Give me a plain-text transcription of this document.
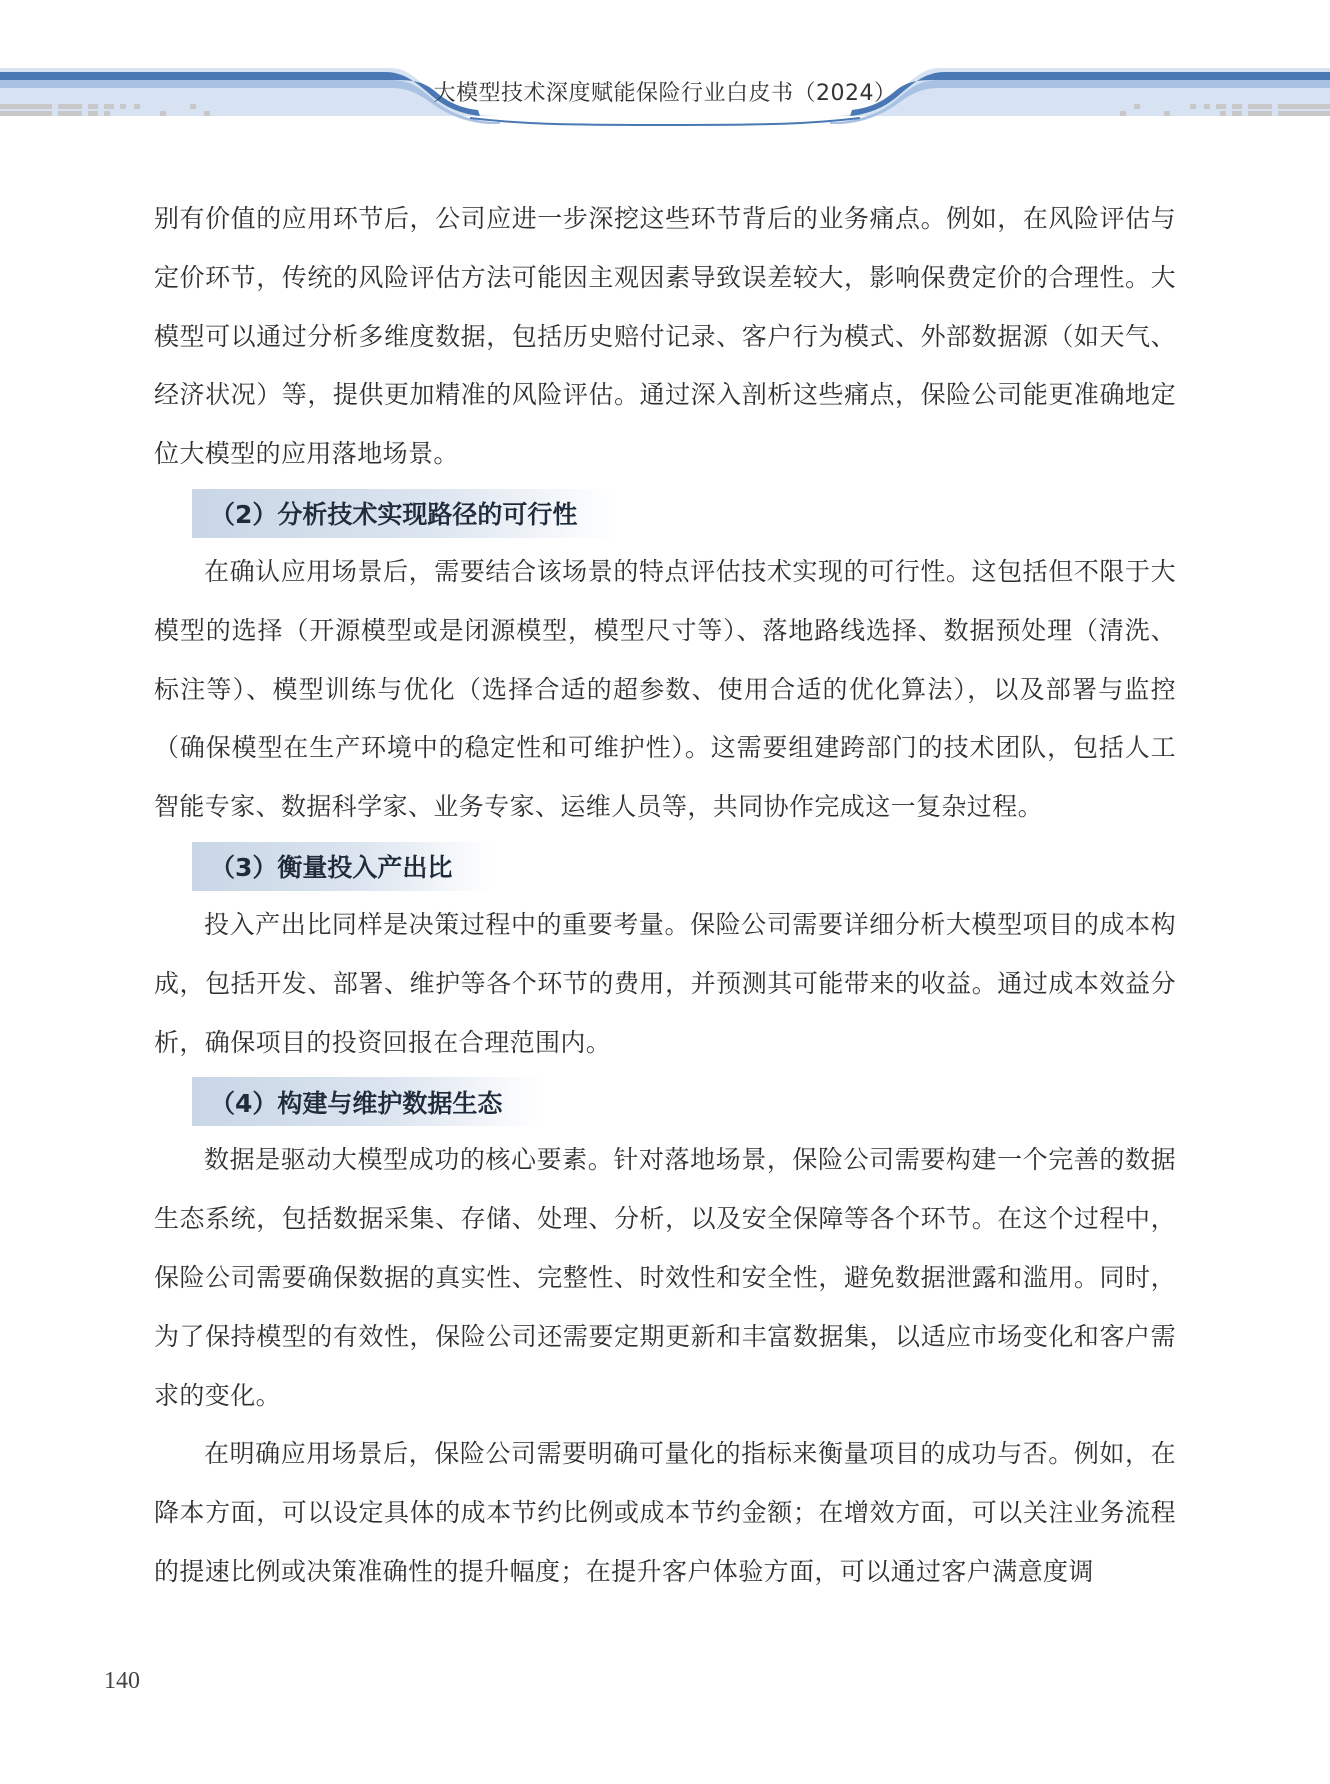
大模型技术深度赋能保险行业白皮书（2024）

别有价值的应用环节后，公司应进一步深挖这些环节背后的业务痛点。例如，在风险评估与定价环节，传统的风险评估方法可能因主观因素导致误差较大，影响保费定价的合理性。大模型可以通过分析多维度数据，包括历史赔付记录、客户行为模式、外部数据源（如天气、经济状况）等，提供更加精准的风险评估。通过深入剖析这些痛点，保险公司能更准确地定位大模型的应用落地场景。

（2）分析技术实现路径的可行性

在确认应用场景后，需要结合该场景的特点评估技术实现的可行性。这包括但不限于大模型的选择（开源模型或是闭源模型，模型尺寸等）、落地路线选择、数据预处理（清洗、标注等）、模型训练与优化（选择合适的超参数、使用合适的优化算法），以及部署与监控（确保模型在生产环境中的稳定性和可维护性）。这需要组建跨部门的技术团队，包括人工智能专家、数据科学家、业务专家、运维人员等，共同协作完成这一复杂过程。

（3）衡量投入产出比

投入产出比同样是决策过程中的重要考量。保险公司需要详细分析大模型项目的成本构成，包括开发、部署、维护等各个环节的费用，并预测其可能带来的收益。通过成本效益分析，确保项目的投资回报在合理范围内。

（4）构建与维护数据生态

数据是驱动大模型成功的核心要素。针对落地场景，保险公司需要构建一个完善的数据生态系统，包括数据采集、存储、处理、分析，以及安全保障等各个环节。在这个过程中，保险公司需要确保数据的真实性、完整性、时效性和安全性，避免数据泄露和滥用。同时，为了保持模型的有效性，保险公司还需要定期更新和丰富数据集，以适应市场变化和客户需求的变化。

在明确应用场景后，保险公司需要明确可量化的指标来衡量项目的成功与否。例如，在降本方面，可以设定具体的成本节约比例或成本节约金额；在增效方面，可以关注业务流程的提速比例或决策准确性的提升幅度；在提升客户体验方面，可以通过客户满意度调

140
